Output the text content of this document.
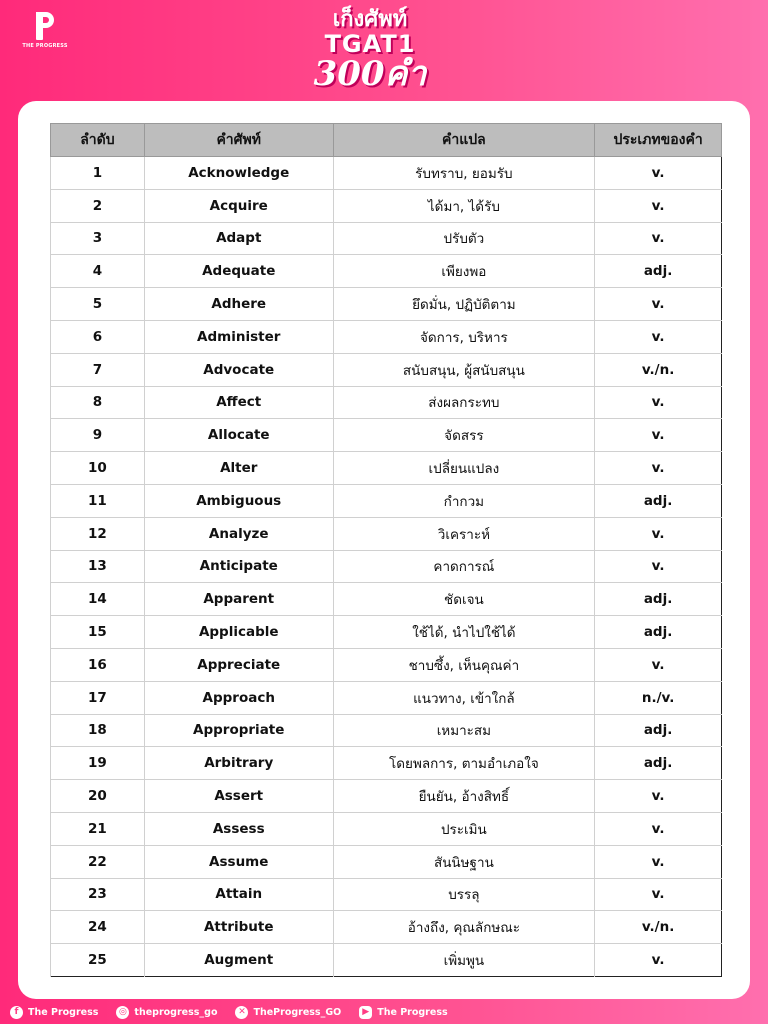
THE PROGRESS
เก็งศัพท์
TGAT1
300คำ
ลำดับ	คำศัพท์	คำแปล	ประเภทของคำ
1	Acknowledge	รับทราบ, ยอมรับ	v.
2	Acquire	ได้มา, ได้รับ	v.
3	Adapt	ปรับตัว	v.
4	Adequate	เพียงพอ	adj.
5	Adhere	ยึดมั่น, ปฏิบัติตาม	v.
6	Administer	จัดการ, บริหาร	v.
7	Advocate	สนับสนุน, ผู้สนับสนุน	v./n.
8	Affect	ส่งผลกระทบ	v.
9	Allocate	จัดสรร	v.
10	Alter	เปลี่ยนแปลง	v.
11	Ambiguous	กำกวม	adj.
12	Analyze	วิเคราะห์	v.
13	Anticipate	คาดการณ์	v.
14	Apparent	ชัดเจน	adj.
15	Applicable	ใช้ได้, นำไปใช้ได้	adj.
16	Appreciate	ชาบซึ้ง, เห็นคุณค่า	v.
17	Approach	แนวทาง, เข้าใกล้	n./v.
18	Appropriate	เหมาะสม	adj.
19	Arbitrary	โดยพลการ, ตามอำเภอใจ	adj.
20	Assert	ยืนยัน, อ้างสิทธิ์	v.
21	Assess	ประเมิน	v.
22	Assume	สันนิษฐาน	v.
23	Attain	บรรลุ	v.
24	Attribute	อ้างถึง, คุณลักษณะ	v./n.
25	Augment	เพิ่มพูน	v.
f	The Progress ◎ theprogress_go	✕ TheProgress_GO	▶ The Progress
